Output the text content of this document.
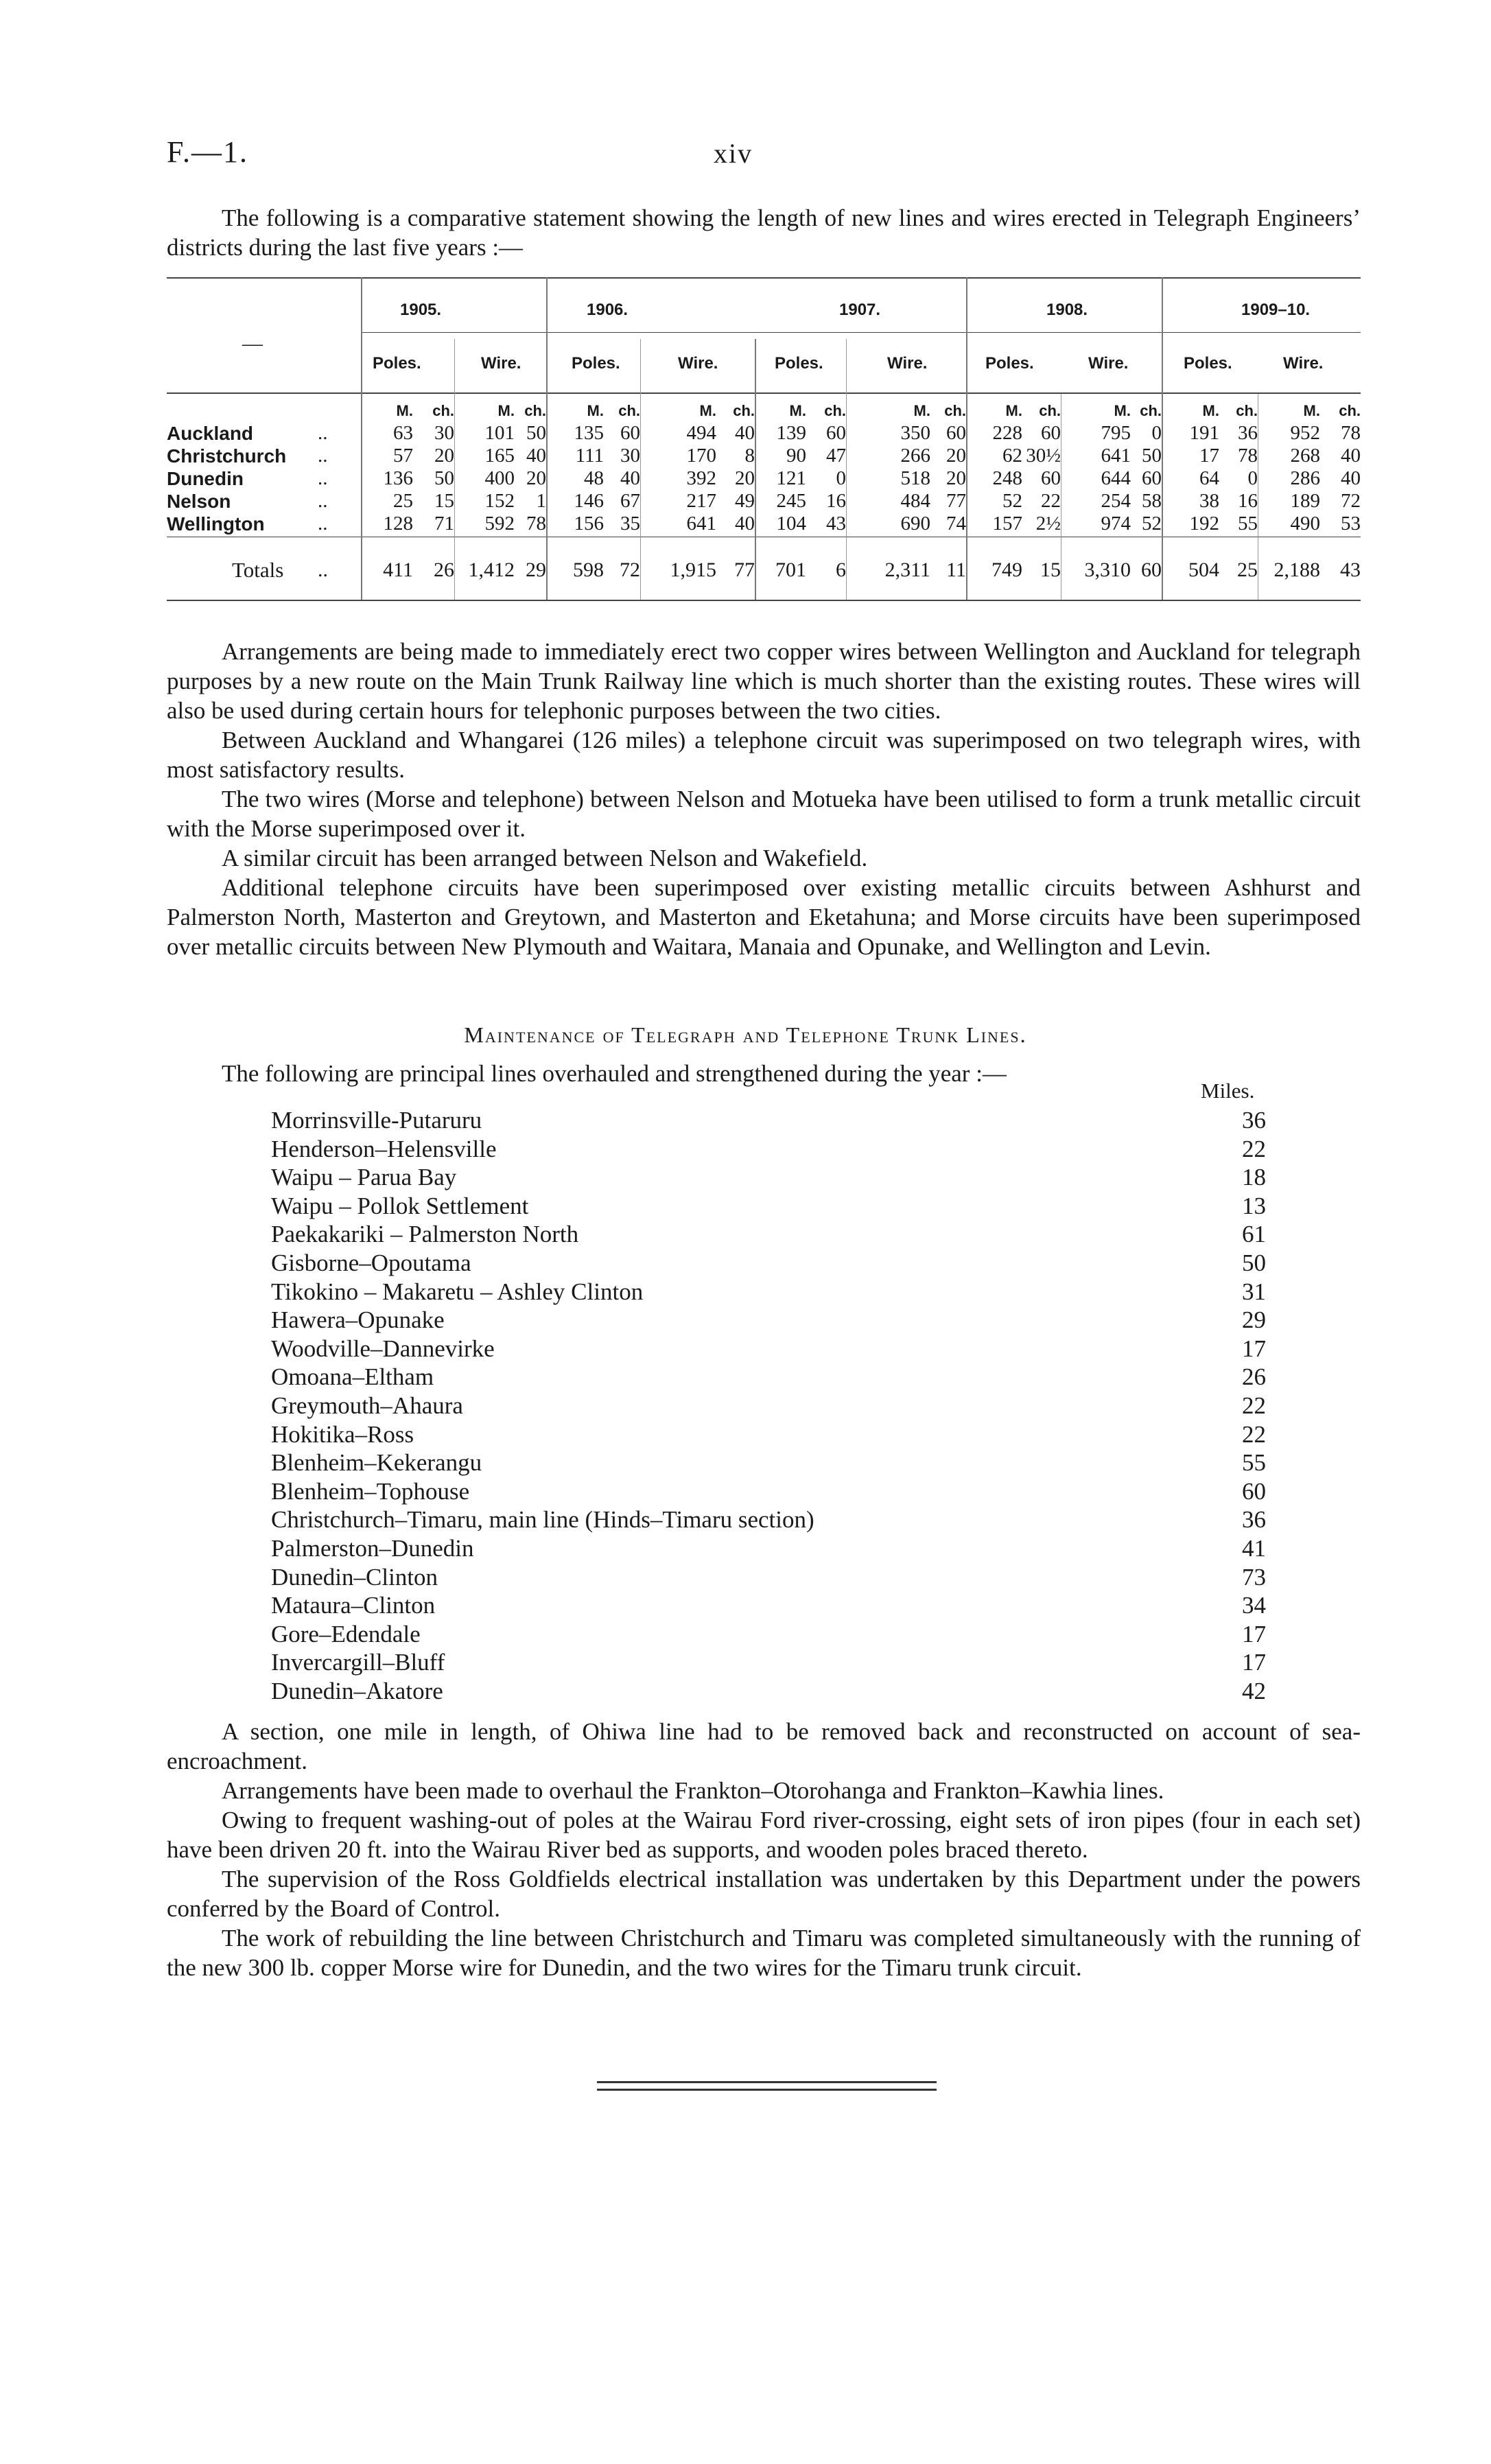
F.—1.	xiv
The following is a comparative statement showing the length of new lines and wires erected in Telegraph Engineers’ districts during the last five years :—
—
1905.	1906.	1907.	1908.	1909–10.
Poles.	Wire.	Poles.	Wire.	Poles.	Wire.	Poles.	Wire.	Poles.	Wire.
		M.	ch.	M.	ch.	M.	ch.	M.	ch.	M.	ch.	M.	ch.	M.	ch.	M.	ch.	M.	ch.	M.	ch.
Auckland	..	63	30	101	50	135	60	494	40	139	60	350	60	228	60	795	0	191	36	952	78
Christchurch	..	57	20	165	40	111	30	170	8	90	47	266	20	62	30½	641	50	17	78	268	40
Dunedin	..	136	50	400	20	48	40	392	20	121	0	518	20	248	60	644	60	64	0	286	40
Nelson	..	25	15	152	1	146	67	217	49	245	16	484	77	52	22	254	58	38	16	189	72
Wellington	..	128	71	592	78	156	35	641	40	104	43	690	74	157	2½	974	52	192	55	490	53

Totals	..	411	26	1,412	29	598	72	1,915	77	701	6	2,311	11	749	15	3,310	60	504	25	2,188	43
Arrangements are being made to immediately erect two copper wires between Wellington and Auckland for telegraph purposes by a new route on the Main Trunk Railway line which is much shorter than the existing routes. These wires will also be used during certain hours for telephonic purposes between the two cities.
Between Auckland and Whangarei (126 miles) a telephone circuit was superimposed on two telegraph wires, with most satisfactory results.
The two wires (Morse and telephone) between Nelson and Motueka have been utilised to form a trunk metallic circuit with the Morse superimposed over it.
A similar circuit has been arranged between Nelson and Wakefield.
Additional telephone circuits have been superimposed over existing metallic circuits between Ashhurst and Palmerston North, Masterton and Greytown, and Masterton and Eketahuna; and Morse circuits have been superimposed over metallic circuits between New Plymouth and Waitara, Manaia and Opunake, and Wellington and Levin.
Maintenance of Telegraph and Telephone Trunk Lines.
The following are principal lines overhauled and strengthened during the year :—
Miles.
Morrinsville-Putaruru	36
Henderson–Helensville	22
Waipu – Parua Bay	18
Waipu – Pollok Settlement	13
Paekakariki – Palmerston North	61
Gisborne–Opoutama	50
Tikokino – Makaretu – Ashley Clinton	31
Hawera–Opunake	29
Woodville–Dannevirke	17
Omoana–Eltham	26
Greymouth–Ahaura	22
Hokitika–Ross	22
Blenheim–Kekerangu	55
Blenheim–Tophouse	60
Christchurch–Timaru, main line (Hinds–Timaru section)	36
Palmerston–Dunedin	41
Dunedin–Clinton	73
Mataura–Clinton	34
Gore–Edendale	17
Invercargill–Bluff	17
Dunedin–Akatore	42
A section, one mile in length, of Ohiwa line had to be removed back and reconstructed on account of sea-encroachment.
Arrangements have been made to overhaul the Frankton–Otorohanga and Frankton–Kawhia lines.
Owing to frequent washing-out of poles at the Wairau Ford river-crossing, eight sets of iron pipes (four in each set) have been driven 20 ft. into the Wairau River bed as supports, and wooden poles braced thereto.
The supervision of the Ross Goldfields electrical installation was undertaken by this Department under the powers conferred by the Board of Control.
The work of rebuilding the line between Christchurch and Timaru was completed simultaneously with the running of the new 300 lb. copper Morse wire for Dunedin, and the two wires for the Timaru trunk circuit.
